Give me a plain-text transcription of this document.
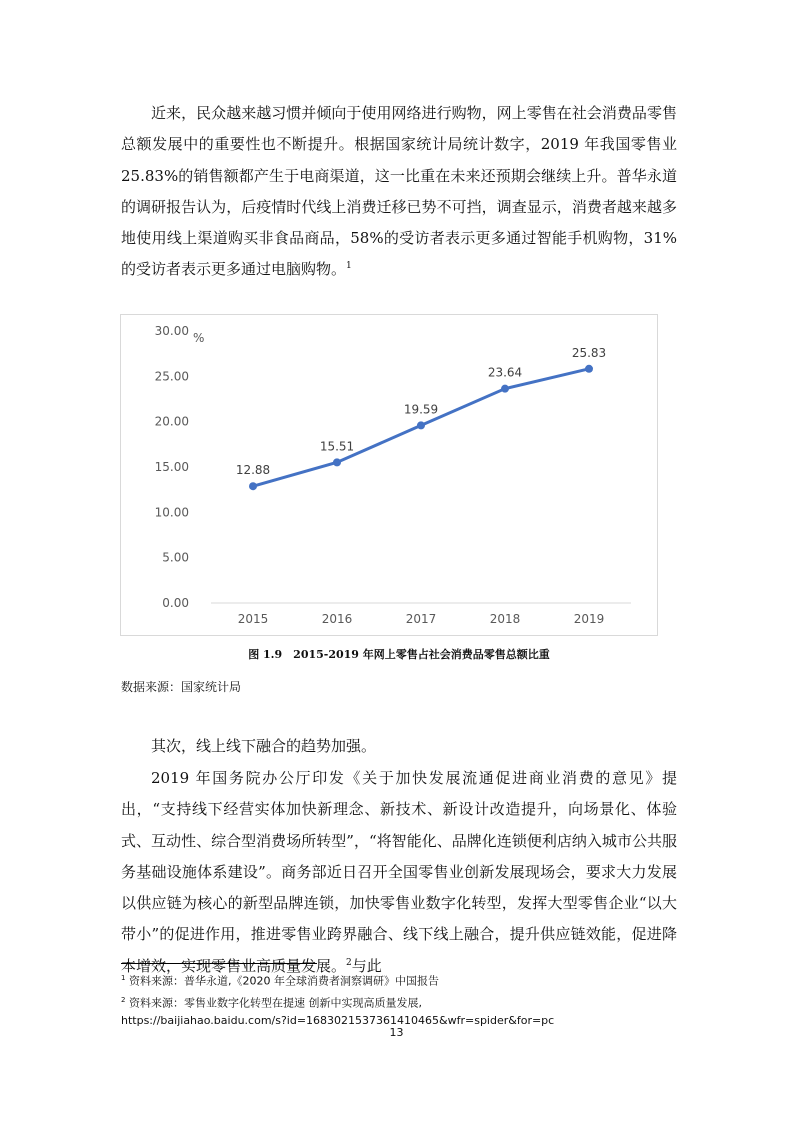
近来，民众越来越习惯并倾向于使用网络进行购物，网上零售在社会消费品零售总额发展中的重要性也不断提升。根据国家统计局统计数字，2019 年我国零售业 25.83%的销售额都产生于电商渠道，这一比重在未来还预期会继续上升。普华永道的调研报告认为，后疫情时代线上消费迁移已势不可挡，调查显示，消费者越来越多地使用线上渠道购买非食品商品，58%的受访者表示更多通过智能手机购物，31%的受访者表示更多通过电脑购物。$^1$

0.00
5.00
10.00
15.00
20.00
25.00
30.00 %
2015	2016	2017	2018	2019
12.88
15.51
19.59
23.64
25.83

图 1.9　2015-2019 年网上零售占社会消费品零售总额比重

数据来源：国家统计局

其次，线上线下融合的趋势加强。

2019 年国务院办公厅印发《关于加快发展流通促进商业消费的意见》提出，“支持线下经营实体加快新理念、新技术、新设计改造提升，向场景化、体验式、互动性、综合型消费场所转型”，“将智能化、品牌化连锁便利店纳入城市公共服务基础设施体系建设”。商务部近日召开全国零售业创新发展现场会，要求大力发展以供应链为核心的新型品牌连锁，加快零售业数字化转型，发挥大型零售企业“以大带小”的促进作用，推进零售业跨界融合、线下线上融合，提升供应链效能，促进降本增效，实现零售业高质量发展。$^2$与此

$^1$ 资料来源：普华永道,《2020 年全球消费者洞察调研》中国报告

$^2$ 资料来源：零售业数字化转型在提速 创新中实现高质量发展,

https://baijiahao.baidu.com/s?id=1683021537361410465&wfr=spider&for=pc

13
